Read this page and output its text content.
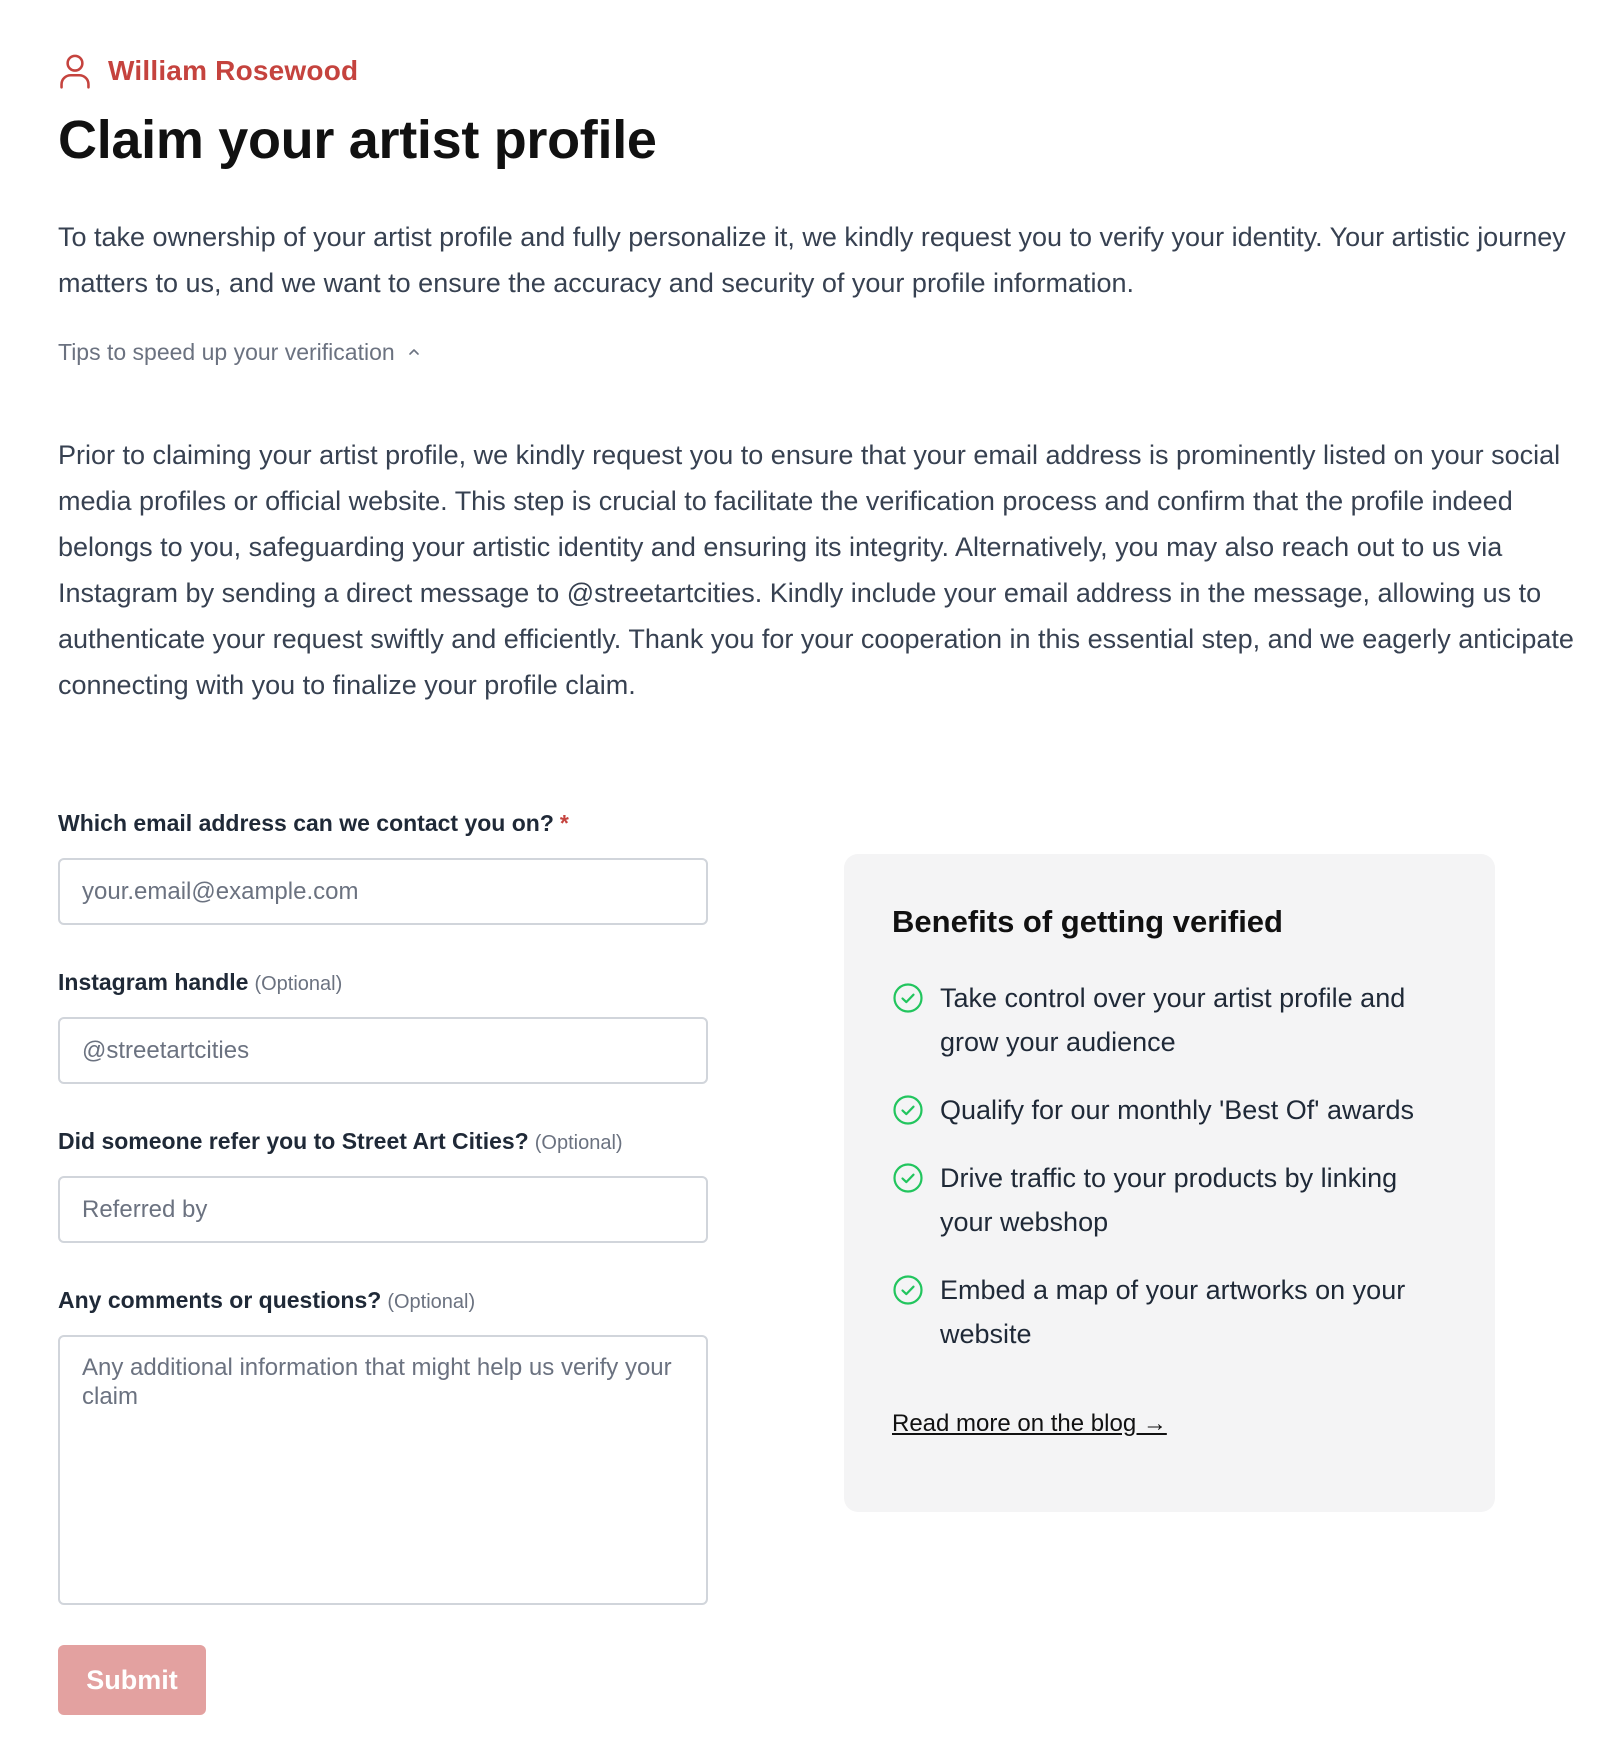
William Rosewood
Claim your artist profile

To take ownership of your artist profile and fully personalize it, we kindly request you to verify your identity. Your artistic journey matters to us, and we want to ensure the accuracy and security of your profile information.

Tips to speed up your verification

Prior to claiming your artist profile, we kindly request you to ensure that your email address is prominently listed on your social media profiles or official website. This step is crucial to facilitate the verification process and confirm that the profile indeed belongs to you, safeguarding your artistic identity and ensuring its integrity. Alternatively, you may also reach out to us via Instagram by sending a direct message to @streetartcities. Kindly include your email address in the message, allowing us to authenticate your request swiftly and efficiently. Thank you for your cooperation in this essential step, and we eagerly anticipate connecting with you to finalize your profile claim.

Which email address can we contact you on? *
your.email@example.com
Instagram handle (Optional)
@streetartcities
Did someone refer you to Street Art Cities? (Optional)
Referred by
Any comments or questions? (Optional)
Any additional information that might help us verify your claim
Submit
Benefits of getting verified
Take control over your artist profile and grow your audience
Qualify for our monthly 'Best Of' awards
Drive traffic to your products by linking your webshop
Embed a map of your artworks on your website
Read more on the blog →
